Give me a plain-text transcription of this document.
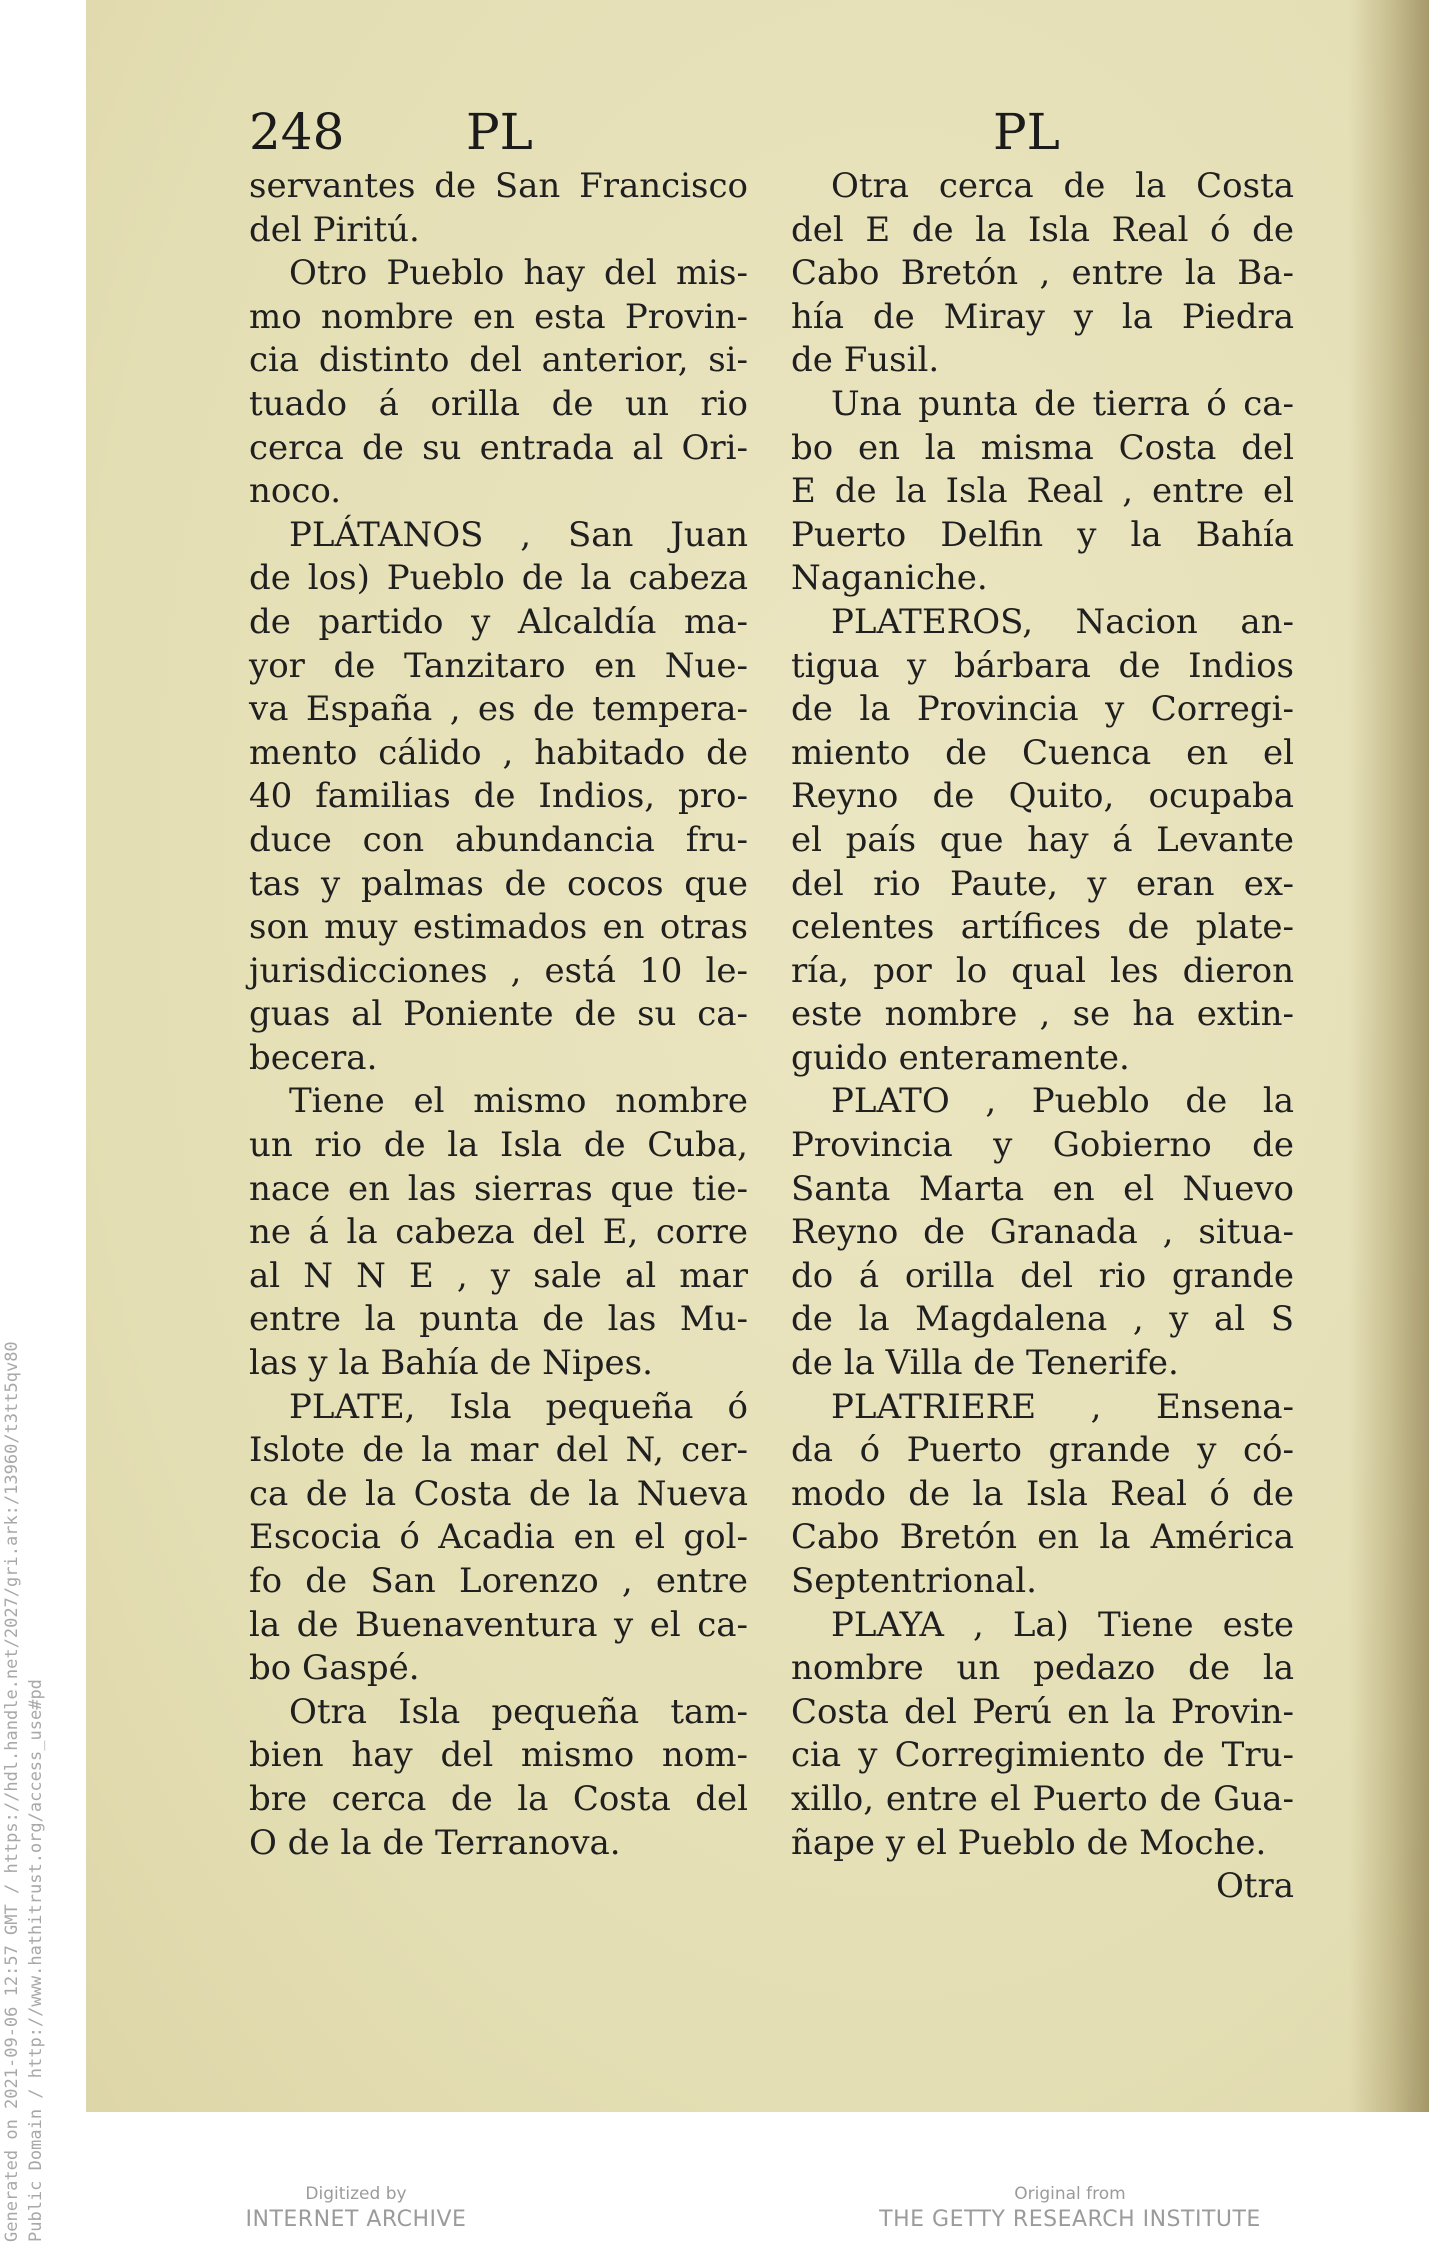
Generated on 2021-09-06 12:57 GMT / https://hdl.handle.net/2027/gri.ark:/13960/t3tt5qv80 Public Domain / http://www.hathitrust.org/access_use#pd
248 PL	PL
servantes de San Francisco
del Piritú.
Otro Pueblo hay del mis-
mo nombre en esta Provin-
cia distinto del anterior, si-
tuado á orilla de un rio
cerca de su entrada al Ori-
noco.
PLÁTANOS , San Juan
de los) Pueblo de la cabeza
de partido y Alcaldía ma-
yor de Tanzitaro en Nue-
va España , es de tempera-
mento cálido , habitado de
40 familias de Indios, pro-
duce con abundancia fru-
tas y palmas de cocos que
son muy estimados en otras
jurisdicciones , está 10 le-
guas al Poniente de su ca-
becera.
Tiene el mismo nombre
un rio de la Isla de Cuba,
nace en las sierras que tie-
ne á la cabeza del E, corre
al N N E , y sale al mar
entre la punta de las Mu-
las y la Bahía de Nipes.
PLATE, Isla pequeña ó
Islote de la mar del N, cer-
ca de la Costa de la Nueva
Escocia ó Acadia en el gol-
fo de San Lorenzo , entre
la de Buenaventura y el ca-
bo Gaspé.
Otra Isla pequeña tam-
bien hay del mismo nom-
bre cerca de la Costa del
O de la de Terranova.
Otra cerca de la Costa
del E de la Isla Real ó de
Cabo Bretón , entre la Ba-
hía de Miray y la Piedra
de Fusil.
Una punta de tierra ó ca-
bo en la misma Costa del
E de la Isla Real , entre el
Puerto Delfin y la Bahía
Naganiche.
PLATEROS, Nacion an-
tigua y bárbara de Indios
de la Provincia y Corregi-
miento de Cuenca en el
Reyno de Quito, ocupaba
el país que hay á Levante
del rio Paute, y eran ex-
celentes artífices de plate-
ría, por lo qual les dieron
este nombre , se ha extin-
guido enteramente.
PLATO , Pueblo de la
Provincia y Gobierno de
Santa Marta en el Nuevo
Reyno de Granada , situa-
do á orilla del rio grande
de la Magdalena , y al S
de la Villa de Tenerife.
PLATRIERE , Ensena-
da ó Puerto grande y có-
modo de la Isla Real ó de
Cabo Bretón en la América
Septentrional.
PLAYA , La) Tiene este
nombre un pedazo de la
Costa del Perú en la Provin-
cia y Corregimiento de Tru-
xillo, entre el Puerto de Gua-
ñape y el Pueblo de Moche.
Otra
Digitized by
INTERNET ARCHIVE
Original from
THE GETTY RESEARCH INSTITUTE
